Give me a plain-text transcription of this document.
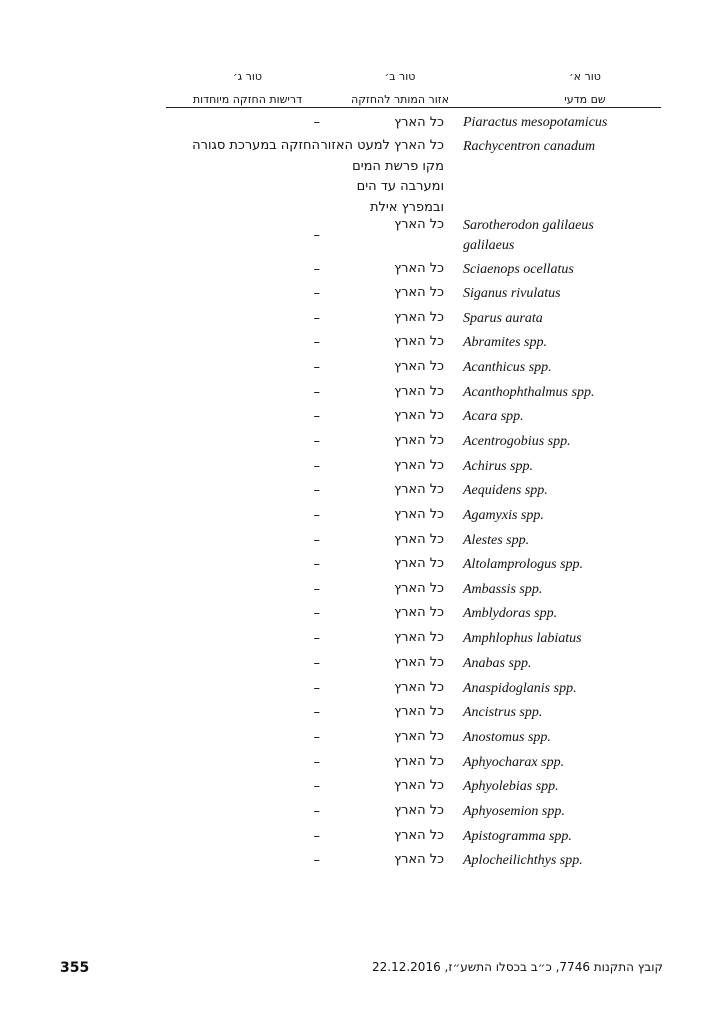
טור א׳
שם מדעי
טור ב׳
אזור המותר להחזקה
טור ג׳
דרישות החזקה מיוחדות
Piaractus mesopotamicus
כל הארץ
–
Rachycentron canadum
כל הארץ למעט האזור מקו פרשת המים ומערבה עד הים ובמפרץ אילת
החזקה במערכת סגורה
Sarotherodon galilaeus galilaeus
כל הארץ
–
Sciaenops ocellatus
כל הארץ
–
Siganus rivulatus
כל הארץ
–
Sparus aurata
כל הארץ
–
Abramites spp.
כל הארץ
–
Acanthicus spp.
כל הארץ
–
Acanthophthalmus spp.
כל הארץ
–
Acara spp.
כל הארץ
–
Acentrogobius spp.
כל הארץ
–
Achirus spp.
כל הארץ
–
Aequidens spp.
כל הארץ
–
Agamyxis spp.
כל הארץ
–
Alestes spp.
כל הארץ
–
Altolamprologus spp.
כל הארץ
–
Ambassis spp.
כל הארץ
–
Amblydoras spp.
כל הארץ
–
Amphlophus labiatus
כל הארץ
–
Anabas spp.
כל הארץ
–
Anaspidoglanis spp.
כל הארץ
–
Ancistrus spp.
כל הארץ
–
Anostomus spp.
כל הארץ
–
Aphyocharax spp.
כל הארץ
–
Aphyolebias spp.
כל הארץ
–
Aphyosemion spp.
כל הארץ
–
Apistogramma spp.
כל הארץ
–
Aplocheilichthys spp.
כל הארץ
–
355	קובץ התקנות 7746, כ״ב בכסלו התשע״ז, 22.12.2016
